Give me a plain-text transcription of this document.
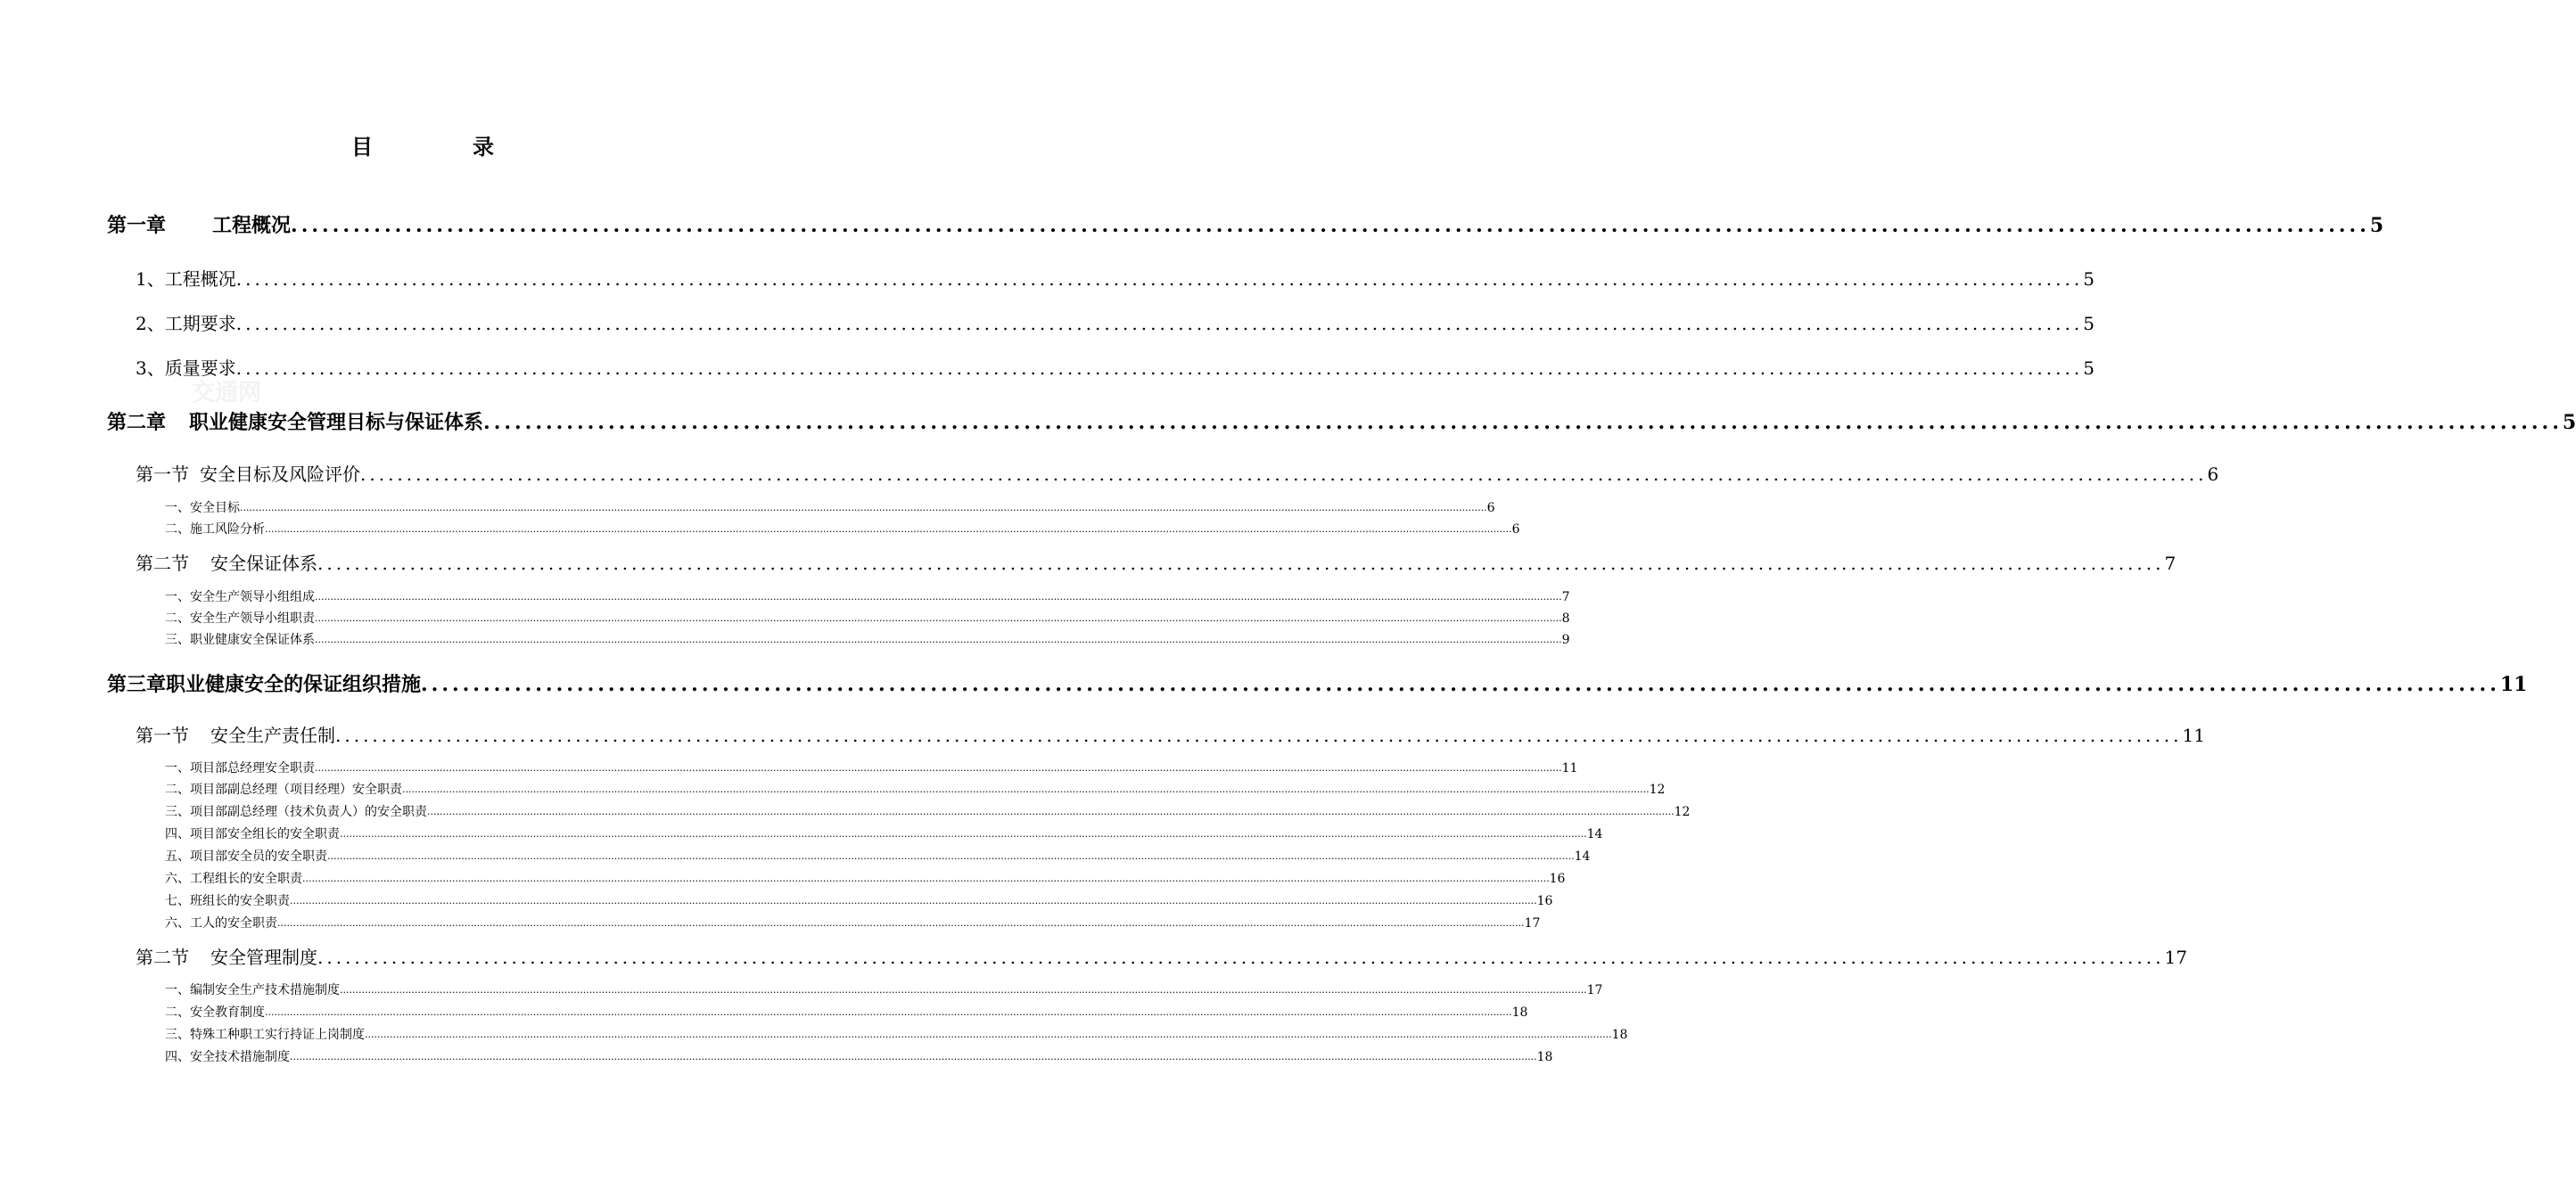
目	录
交通网
第一章 工程概况 ........................................................................................................................................................................................................ 5
1、工程概况 ........................................................................................................................................................................................................ 5
2、工期要求 ........................................................................................................................................................................................................ 5
3、质量要求 ........................................................................................................................................................................................................ 5
第二章 职业健康安全管理目标与保证体系 ........................................................................................................................................................................................................ 5
第一节 安全目标及风险评价 ........................................................................................................................................................................................................ 6
一、安全目标 ................................................................................................................................................................................................................................................................................................................................................................................................................ 6
二、施工风险分析 ................................................................................................................................................................................................................................................................................................................................................................................................................ 6
第二节 安全保证体系 ........................................................................................................................................................................................................ 7
一、安全生产领导小组组成 ................................................................................................................................................................................................................................................................................................................................................................................................................ 7
二、安全生产领导小组职责 ................................................................................................................................................................................................................................................................................................................................................................................................................ 8
三、职业健康安全保证体系 ................................................................................................................................................................................................................................................................................................................................................................................................................ 9
第三章职业健康安全的保证组织措施 ........................................................................................................................................................................................................ 11
第一节 安全生产责任制 ........................................................................................................................................................................................................ 11
一、项目部总经理安全职责 ................................................................................................................................................................................................................................................................................................................................................................................................................ 11
二、项目部副总经理（项目经理）安全职责 ................................................................................................................................................................................................................................................................................................................................................................................................................ 12
三、项目部副总经理（技术负责人）的安全职责 ................................................................................................................................................................................................................................................................................................................................................................................................................ 12
四、项目部安全组长的安全职责 ................................................................................................................................................................................................................................................................................................................................................................................................................ 14
五、项目部安全员的安全职责 ................................................................................................................................................................................................................................................................................................................................................................................................................ 14
六、工程组长的安全职责 ................................................................................................................................................................................................................................................................................................................................................................................................................ 16
七、班组长的安全职责 ................................................................................................................................................................................................................................................................................................................................................................................................................ 16
六、工人的安全职责 ................................................................................................................................................................................................................................................................................................................................................................................................................ 17
第二节 安全管理制度 ........................................................................................................................................................................................................ 17
一、编制安全生产技术措施制度 ................................................................................................................................................................................................................................................................................................................................................................................................................ 17
二、安全教育制度 ................................................................................................................................................................................................................................................................................................................................................................................................................ 18
三、特殊工种职工实行持证上岗制度 ................................................................................................................................................................................................................................................................................................................................................................................................................ 18
四、安全技术措施制度 ................................................................................................................................................................................................................................................................................................................................................................................................................ 18
